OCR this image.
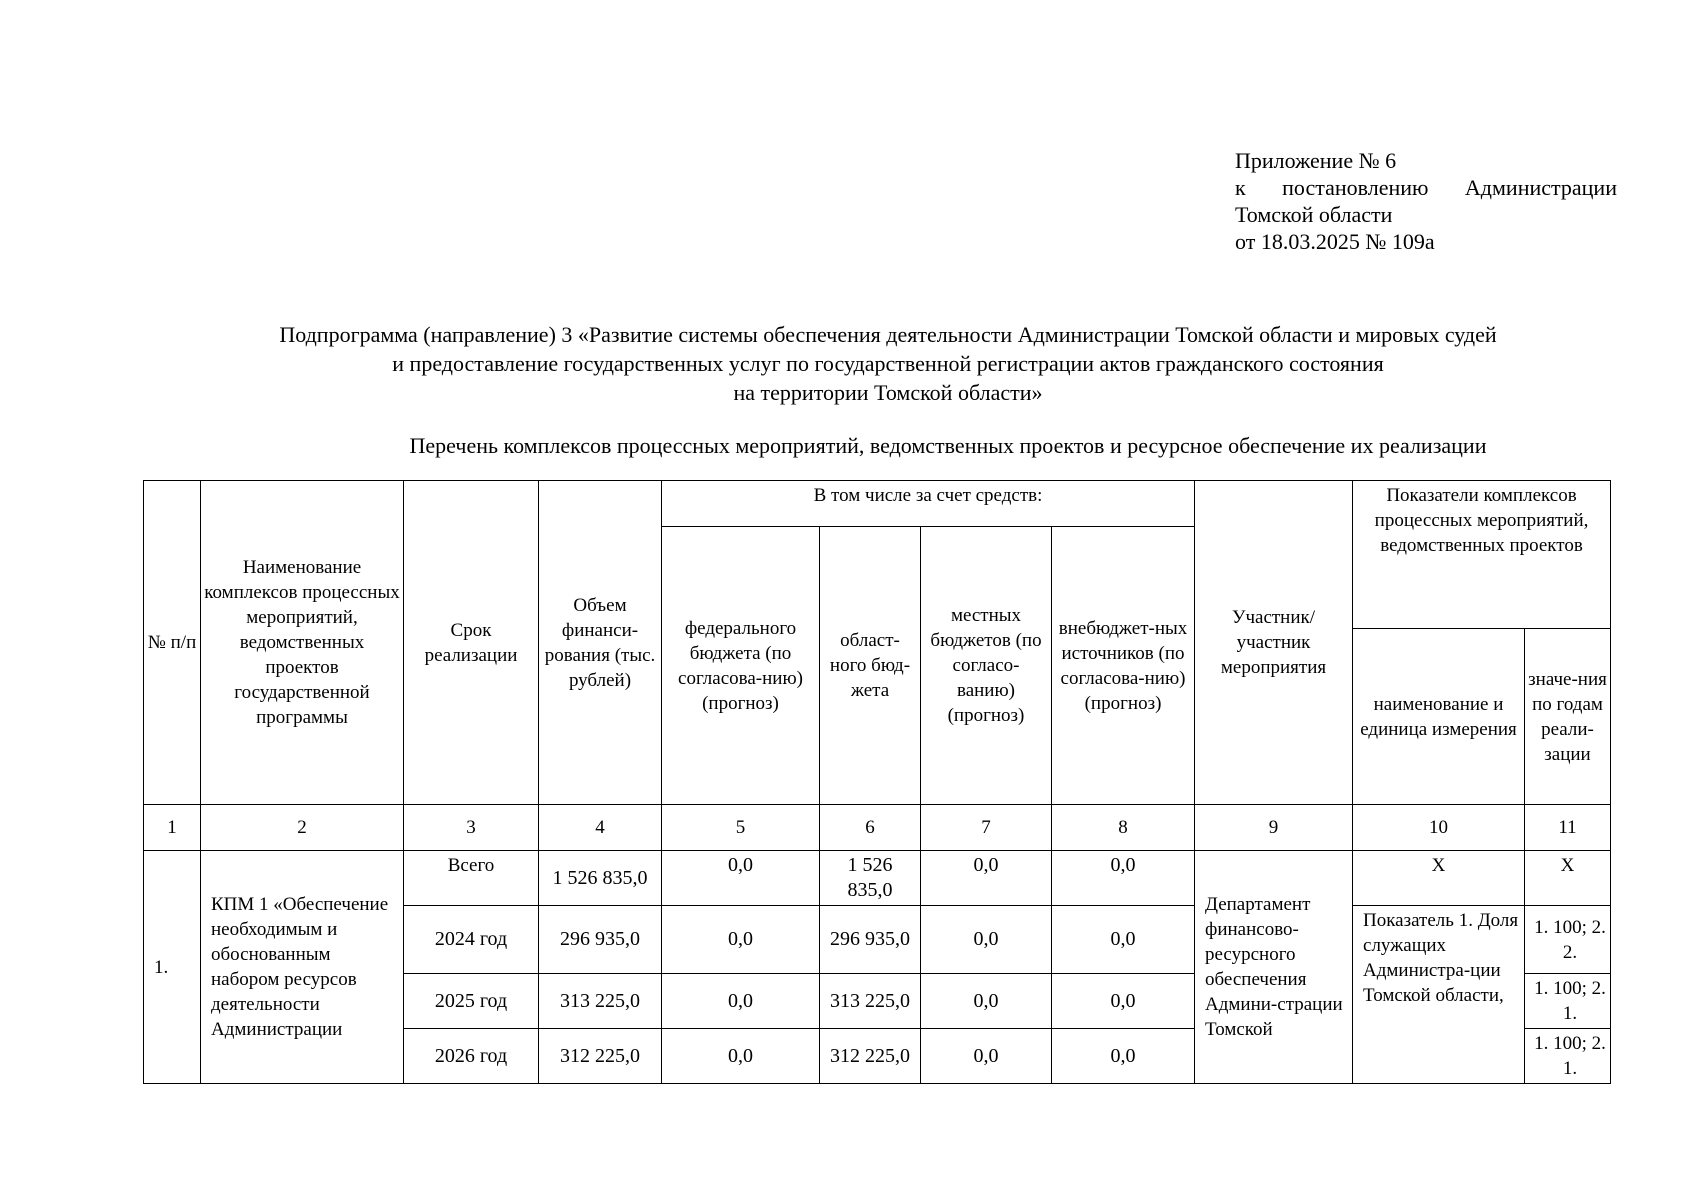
Приложение № 6
к постановлению Администрации
Томской области
от 18.03.2025 № 109а
Подпрограмма (направление) 3 «Развитие системы обеспечения деятельности Администрации Томской области и мировых судей
и предоставление государственных услуг по государственной регистрации актов гражданского состояния
на территории Томской области»
Перечень комплексов процессных мероприятий, ведомственных проектов и ресурсное обеспечение их реализации
№ п/п	Наименование комплексов процессных мероприятий, ведомственных проектов государственной программы	Срок реализации	Объем финанси-рования (тыс. рублей)	В том числе за счет средств:				Участник/ участник мероприятия	Показатели комплексов процессных мероприятий, ведомственных проектов	
				федерального бюджета (по согласова-нию) (прогноз)	област-ного бюд-жета	местных бюджетов (по согласо-ванию) (прогноз)	внебюджет-ных источников (по согласова-нию) (прогноз)			
									наименование и единица измерения	значе-ния по годам реали-зации
1	2	3	4	5	6	7	8	9	10	11
1.	КПМ 1 «Обеспечение необходимым и обоснованным набором ресурсов деятельности Администрации	Всего	1 526 835,0	0,0	1 526 835,0	0,0	0,0	Департамент финансово-ресурсного обеспечения Админи-страции Томской	X	X
		2024 год	296 935,0	0,0	296 935,0	0,0	0,0		Показатель 1. Доля служащих Администра-ции Томской области,	1. 100; 2. 2.
		2025 год	313 225,0	0,0	313 225,0	0,0	0,0			1. 100; 2. 1.
		2026 год	312 225,0	0,0	312 225,0	0,0	0,0			1. 100; 2. 1.
